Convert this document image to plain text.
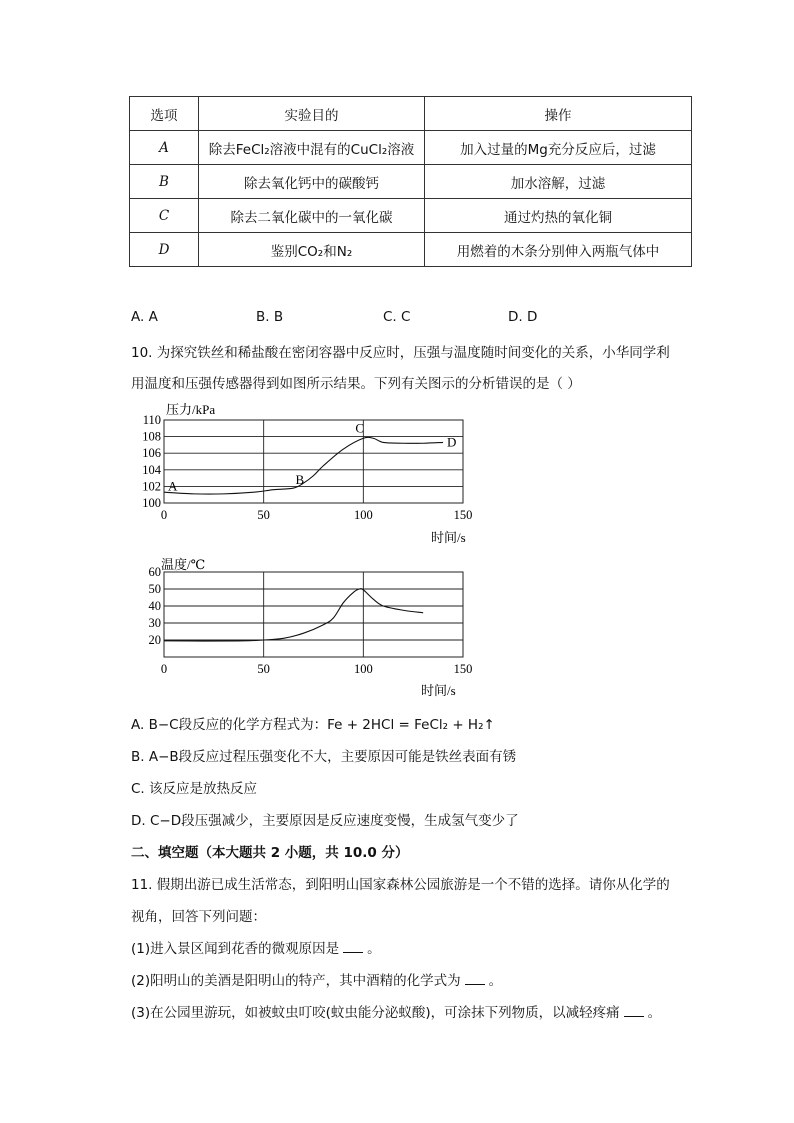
选项	实验目的	操作
A	除去FeCl₂溶液中混有的CuCl₂溶液	加入过量的Mg充分反应后，过滤
B	除去氧化钙中的碳酸钙	加水溶解，过滤
C	除去二氧化碳中的一氧化碳	通过灼热的氧化铜
D	鉴别CO₂和N₂	用燃着的木条分别伸入两瓶气体中
A. A	B. B	C. C	D. D
10. 为探究铁丝和稀盐酸在密闭容器中反应时，压强与温度随时间变化的关系，小华同学利
用温度和压强传感器得到如图所示结果。下列有关图示的分析错误的是（ ）
压力/kPa
时间/s
100
102
104
106
108
110
0	50	100	150
A	B
C
D
温度/℃
时间/s
20
30
40
50
60
0	50	100	150
A. B−C段反应的化学方程式为：Fe + 2HCl = FeCl₂ + H₂↑
B. A−B段反应过程压强变化不大，主要原因可能是铁丝表面有锈
C. 该反应是放热反应
D. C−D段压强减少，主要原因是反应速度变慢，生成氢气变少了
二、填空题（本大题共 2 小题，共 10.0 分）
11. 假期出游已成生活常态，到阳明山国家森林公园旅游是一个不错的选择。请你从化学的
视角，回答下列问题：
(1)进入景区闻到花香的微观原因是 。
(2)阳明山的美酒是阳明山的特产，其中酒精的化学式为 。
(3)在公园里游玩，如被蚊虫叮咬(蚊虫能分泌蚁酸)，可涂抹下列物质，以减轻疼痛 。
